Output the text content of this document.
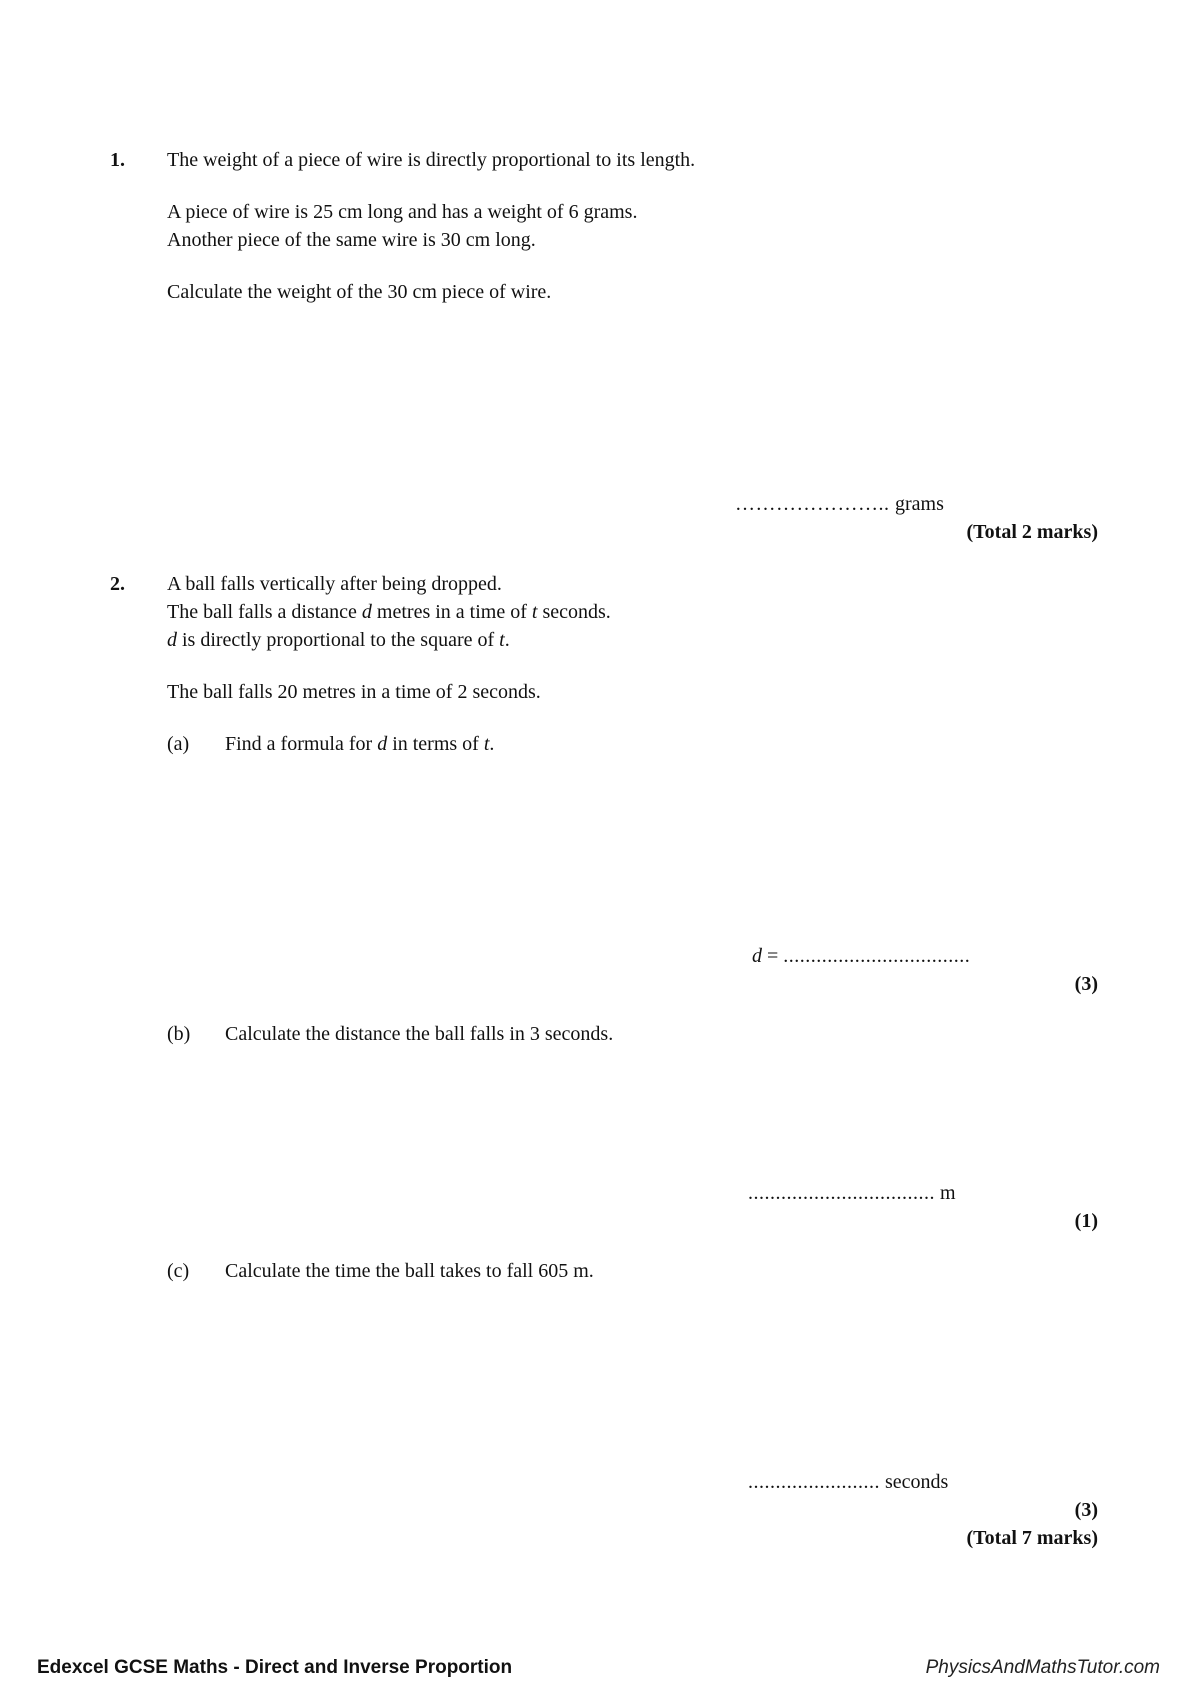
1. The weight of a piece of wire is directly proportional to its length.
A piece of wire is 25 cm long and has a weight of 6 grams.
Another piece of the same wire is 30 cm long.
Calculate the weight of the 30 cm piece of wire.
………………….. grams
(Total 2 marks)
2. A ball falls vertically after being dropped.
The ball falls a distance d metres in a time of t seconds.
d is directly proportional to the square of t.
The ball falls 20 metres in a time of 2 seconds.
(a) Find a formula for d in terms of t.
d = ..................................
(3)
(b) Calculate the distance the ball falls in 3 seconds.
.................................. m
(1)
(c) Calculate the time the ball takes to fall 605 m.
........................ seconds
(3)
(Total 7 marks)
Edexcel GCSE Maths - Direct and Inverse Proportion	PhysicsAndMathsTutor.com
